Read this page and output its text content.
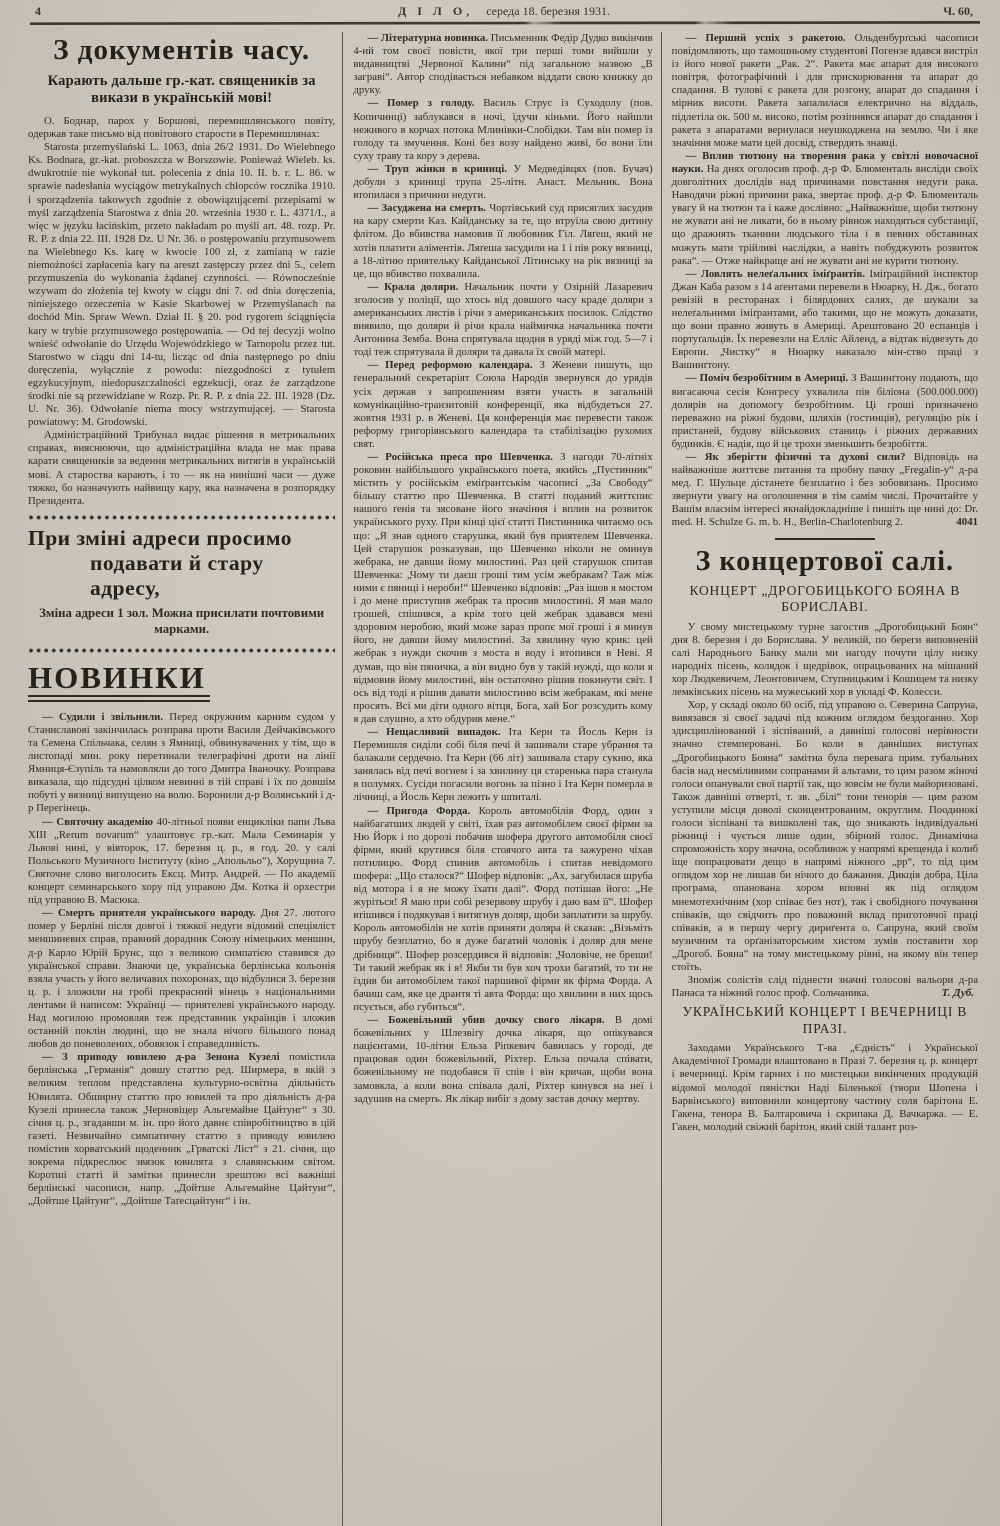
4	Д І Л О, середа 18. березня 1931.	Ч. 60,
З документів часу.
Карають дальше гр.-кат. священиків за викази в українській мові!

О. Боднар, парох у Боршові, перемишлянського повіту, одержав таке письмо від повітового старости в Перемишлянах:

Starosta przemyślański L. 1063, dnia 26/2 1931. Do Wielebnego Ks. Bodnara, gr.-kat. proboszcza w Borszowie. Ponieważ Wieleb. ks. dwukrotnie nie wykonał tut. polecenia z dnia 10. II. b. r. L. 86. w sprawie nadesłania wyciągów metrykalnych chłopców rocznika 1910. i sporządzenia takowych zgodnie z obowiązującemi przepisami w myśl zarządzenia Starostwa z dnia 20. września 1930 r. L. 4371/I., a więc w języku łacińskim, przeto nakładam po myśli art. 48. rozp. Pr. R. P. z dnia 22. III. 1928 Dz. U Nr. 36. o postępowaniu przymusowem na Wielebnego Ks. karę w kwocie 100 zł, z zamianą w razie niemożności zapłacenia kary na areszt zastępczy przez dni 5., celem przymuszenia do wykonania żądanej czynności. — Równocześnie wzywam do złożenia tej kwoty w ciągu dni 7. od dnia doręczenia, niniejszego orzeczenia w Kasie Skarbowej w Przemyślanach na dochód Min. Spraw Wewn. Dział II. § 20. pod rygorem ściągnięcia kary w trybie przymusowego postępowania. — Od tej decyzji wolno wnieść odwołanie do Urzędu Wojewódzkiego w Tarnopolu przez tut. Starostwo w ciągu dni 14-tu, licząc od dnia następnego po dniu doręczenia, wyłącznie z powodu: niezgodności z tytułem egzykucyjnym, niedopuszczalności egzekucji, oraz że zarządzone środki nie są przewidziane w Rozp. Pr. R. P. z dnia 22. III. 1928 (Dz. U. Nr. 36). Odwołanie niema mocy wstrzymującej. — Starosta powiatowy: M. Grodowski.

Адміністраційний Трибунал видає рішення в метрикальних справах, вияснюючи, що адміністраційна влада не має права карати священиків за ведення метрикальних витягів в українській мові. А староства карають, і то — як на нинішні часи — дуже тяжко, бо назначують найвищу кару, яка назначена в розпорядку Президента.

При зміні адреси просимо
подавати й стару адресу,

Зміна адреси 1 зол. Можна присилати почтовими марками.

НОВИНКИ

— Судили і звільнили. Перед окружним карним судом у Станиславові закінчилась розправа проти Василя Дейчаківського та Семена Спільчака, селян з Ямниці, обвинувачених у тім, що в листопаді мин. року перетинали телеграфічні дроти на лінії Ямниця-Єзупіль та намовляли до того Дмитра Іваночку. Розправа виказала, що підсудні цілком невинні в тій справі і їх по довшім побуті у вязниці випущено на волю. Боронили д-р Волянський і д-р Перегінець.

— Святочну академію 40-літньої появи енцикліки папи Льва XIII „Rerum novarum“ улаштовує гр.-кат. Мала Семинарія у Львові нині, у вівторок, 17. березня ц. р., в год. 20. у салі Польського Музичного Інституту (кіно „Апольльо“), Хорущина 7. Святочне слово виголосить Ексц. Митр. Андрей. — По академії концерт семинарського хору під управою Дм. Котка й орхестри під управою В. Масюка.

— Смерть приятеля українського народу. Дня 27. лютого помер у Берліні після довгої і тяжкої недуги відомий спеціяліст меншиневих справ, правний дорадник Союзу німецьких меншин, д-р Карло Юрій Брунс, що з великою симпатією ставився до української справи. Знаючи це, українська берлінська кольонія взяла участь у його величавих похоронах, що відбулися 3. березня ц. р. і зложили на гробі прекрасний вінець з національними лентами й написом: Українці — приятелеві українського народу. Над могилою промовляв теж представник українців і зложив останній поклін людині, що не знала нічого більшого понад любов до поневолених, обовязок і справедливість.

— З приводу ювилею д-ра Зенона Кузелі помістила берлінська „Германія“ довшу статтю ред. Ширмера, в якій з великим теплом представлена культурно-освітна діяльність Ювилята. Обширну статтю про ювилей та про діяльність д-ра Кузелі принесла також „Черновіцер Альгемайне Цайтунг“ з 30. січня ц. р., згадавши м. ін. про його давнє співробітництво в цій газеті. Незвичайно симпатичну статтю з приводу ювилею помістив хорватський щоденник „Грватскі Ліст“ з 21. січня, що зокрема підкреслює звязок ювилята з славянським світом. Коротші статті й замітки принесли зрештою всі важніші берлінські часописи, напр. „Дойтше Альгемайне Цайтунг“, „Дойтше Цайтунг“, „Дойтше Таґесцайтунг“ і ін.

— Літературна новинка. Письменник Федір Дудко викінчив 4-ий том своєї повісти, якої три перші томи вийшли у видавництві „Червоної Калини“ під загальною назвою „В заграві“. Автор сподівається небавком віддати свою книжку до друку.

— Помер з голоду. Василь Струс із Суходолу (пов. Копичинці) заблукався в ночі, їдучи кіньми. Його найшли неживого в корчах потока Млинівки-Слобідки. Там він помер із голоду та змучення. Коні без возу найдено живі, бо вони їли суху траву та кору з дерева.

— Труп жінки в криниці. У Медведівцях (пов. Бучач) добули з криниці трупа 25-літн. Анаст. Мельник. Вона втопилася з причини недуги.

— Засуджена на смерть. Чортівський суд присяглих засудив на кару смерти Каз. Кайданську за те, що втруїла свою дитину флітом. До вбивства намовив її любовник Гіл. Ляґеш, який не хотів платити аліментів. Ляґеша засудили на 1 і пів року вязниці, а 18-літню приятельку Кайданської Літинську на рік вязниці за це, що вбивство похвалила.

— Крала доляри. Начальник почти у Озірній Лазаревич зголосив у поліції, що хтось від довшого часу краде доляри з американських листів і річи з американських посилок. Слідство виявило, що доляри й річи крала наймичка начальника почти Антонина Земба. Вона спрятувала щодня в уряді між год. 5—7 і тоді теж спрятувала й доляри та давала їх своїй матері.

— Перед реформою календара. З Женеви пишуть, що ґенеральний секретаріят Союза Народів звернувся до урядів усіх держав з запрошенням взяти участь в загальній комунікаційно-транзитовій конференції, яка відбудеться 27. жовтня 1931 р. в Женеві. Ця конференція має перевести також реформу григоріянського календара та стабілізацію рухомих свят.

— Російська преса про Шевченка. З нагоди 70-літніх роковин найбільшого українського поета, якийсь „Пустинник“ містить у російськім еміґрантськім часописі „За Свободу“ більшу статтю про Шевченка. В статті поданий життєпис нашого ґенія та зясоване його значіння і вплив на розвиток українського руху. При кінці цієї статті Пистинника читаємо ось що: „Я знав одного старушка, який був приятелем Шевченка. Цей старушок розказував, що Шевченко ніколи не оминув жебрака, не давши йому милостині. Раз цей старушок спитав Шевченка: „Чому ти даєш гроші тим усім жебракам? Таж між ними є пяниці і нероби!“ Шевченко відповів: „Раз ішов я мостом і до мене приступив жебрак та просив милостині. Я мав мало грошей, спішився, а крім того цей жебрак здавався мені здоровим неробою, який може зараз пропє мої гроші і я минув його, не давши йому милостині. За хвилину чую крик: цей жебрак з нужди скочив з моста в воду і втопився в Неві. Я думав, що він пяничка, а він видно був у такій нужді, що коли я відмовив йому милостині, він остаточно рішив покинути світ. І ось від тоді я рішив давати милостиню всім жебракам, які мене просять. Всі ми діти одного вітця, Бога, хай Бог розсудить кому я дав слушно, а хто обдурив мене.“

— Нещасливий випадок. Іта Керн та Йосль Керн із Перемишля сиділи собі біля печі й зашивали старе убрання та балакали сердечно. Іта Керн (66 літ) зашивала стару сукню, яка занялась від печі вогнем і за хвилину ця старенька пара станула в полумях. Сусіди погасили вогонь за пізно і Іта Керн померла в лічниці, а Йосль Керн лежить у шпиталі.

— Пригода Форда. Король автомобілів Форд, один з найбагатших людей у світі, їхав раз автомобілем своєї фірми за Ню Йорк і по дорозі побачив шофера другого автомобіля своєї фірми, який крутився біля стоячого авта та зажурено чіхав потилицю. Форд спинив автомобіль і спитав невідомого шофера: „Що сталося?“ Шофер відповів: „Ах, загубилася шруба від мотора і я не можу їхати далі“. Форд потішав його: „Не журіться! Я маю при собі резервову шрубу і даю вам її“. Шофер втішився і подякував і витягнув доляр, щоби заплатити за шрубу. Король автомобілів не хотів приняти доляра й сказав: „Візьміть шрубу безплатно, бо я дуже багатий чоловік і доляр для мене дрібниця“. Шофер розсердився й відповів: „Чоловіче, не бреши! Ти такий жебрак як і я! Якби ти був хоч трохи багатий, то ти не їздив би автомобілем такої паршивої фірми як фірма Форда. А бачиш сам, яке це дрантя ті авта Форда: що хвилини в них щось псується, або губиться“.

— Божевільний убив дочку свого лікаря. В домі божевільних у Шлезвіґу дочка лікаря, що опікувався пацієнтами, 10-літня Ельза Ріпкевич бавилась у городі, де працював один божевільний, Ріхтер. Ельза почала співати, божевільному не подобався її спів і він кричав, щоби вона замовкла, а коли вона співала далі, Ріхтер кинувся на неї і задушив на смерть. Як лікар вибіг з дому застав дочку мертву.

— Перший успіх з ракетою. Ольденбурґські часописи повідомляють, що тамошньому студентові Погензе вдався вистріл із його нової ракети „Рак. 2“. Ракета має апарат для високого повітря, фотографічний і для прискорювання та апарат до спадання. В тулові є ракета для розгону, апарат до спадання і мірник висоти. Ракета запалилася електрично на віддаль, підлетіла ок. 500 м. високо, потім розіпнявся апарат до спадання і ракета з апаратами вернулася неушкоджена на землю. Чи і яке значіння може мати цей досвід, ствердять знавці.

— Вплив тютюну на творення рака у світлі новочасної науки. На днях оголосив проф. д-р Ф. Блюменталь висліди своїх довголітних дослідів над причинами повстання недуги рака. Наводячи ріжні причини рака, звертає проф. д-р Ф. Блюменталь увагу й на тютюн та і каже дослівно: „Найважніше, щоби тютюну не жувати ані не ликати, бо в ньому рівнож находяться субстанції, що дражнять тканини людського тіла і в певних обставинах можуть мати трійливі наслідки, а навіть побуджують розвиток рака“. — Отже найкраще ані не жувати ані не курити тютюну.

— Ловлять нелеґальних іміґрантів. Іміґраційний інспектор Джан Каба разом з 14 аґентами перевели в Нюарку, Н. Дж., богато ревізій в ресторанах і білярдових салях, де шукали за нелеґальними іміґрантами, або такими, що не можуть доказати, що вони правно живуть в Америці. Арештовано 20 еспанців і портуґальців. Їх перевезли на Елліс Айленд, а відтак відвезуть до Европи. „Чистку“ в Нюарку наказало мін-ство праці з Вашинґтону.

— Поміч безробітним в Америці. З Вашинґтону подають, що вигасаюча сесія Конгресу ухвалила пів біліона (500.000.000) долярів на допомогу безробітним. Ці гроші призначено переважно на ріжні будови, шляхів (гостинців), реґуляцію рік і пристаней, будову військових станиць і ріжних державних будинків. Є надія, що й це трохи зменьшить безробіття.

— Як зберігти фізичні та духові сили? Відповідь на найважніше життєве питання та пробну пачку „Fregalin-у“ д-ра мед. Г. Шульце дістанете безплатно і без зобовязань. Просимо звернути увагу на оголошення в тім самім числі. Прочитайте у Вашім власнім інтересі якнайдокладніше і пишіть ще нині до: Dr. med. H. Schulze G. m. b. H., Berlin-Charlotenburg 2.	4041

З концертової салі.
КОНЦЕРТ „ДРОГОБИЦЬКОГО БОЯНА В БОРИСЛАВІ.

У свому мистецькому турне загостив „Дрогобицький Боян“ дня 8. березня і до Борислава. У великій, по береги виповненій салі Народнього Банку мали ми нагоду почути цілу низку народніх пісень, колядок і щедрівок, опрацьованих на мішаний хор Людкевичем, Леонтовичем, Ступницьким і Кошицем та низку лемківських пісень на мужеський хор в укладі Ф. Колесси.

Хор, у складі около 60 осіб, під управою о. Северина Сапруна, вивязався зі своєї задачі під кожним оглядом бездоганно. Хор здисциплінований і зіспіваний, а давніші голосові нерівности значно стемперовані. Бо коли в давніших виступах „Дрогобицького Бояна“ замітна була перевага прим. тубальних басів над несміливими сопранами й альтами, то цим разом жіночі голоси опанували свої партії так, що зовсім не були майоризовані. Також давніші отверті, т. зв. „білі“ тони тенорів — цим разом уступили місця доволі сконцентрованим, округлим. Поодинокі голоси зіспівані та вишколені так, що зникають індивідуальні ріжниці і чується лише один, збірний голос. Динамічна спроможність хору значна, особливож у напрямі крещенда і колиб іще попрацювати дещо в напрямі ніжного „рр“, то під цим оглядом хор не лишав би нічого до бажання. Дикція добра, Ціла програма, опанована хором вповні як під оглядом мнемотехнічним (хор співає без нот), так і свобідного почування співаків, що свідчить про поважний вклад приготовчої праці співаків, а в першу чергу дириґента о. Сапруна, який своїм музичним та орґанізаторським хистом зумів поставити хор „Дрогоб. Бояна“ на тому мистецькому рівні, на якому він тепер стоїть.

Зпоміж солістів слід піднести значні голосові вальори д-ра Панаса та ніжний голос проф. Сольчаника.	Т. Дуб.
УКРАЇНСЬКИЙ КОНЦЕРТ І ВЕЧЕРНИЦІ В ПРАЗІ.

Заходами Українського Т-ва „Єдність“ і Української Академічної Громади влаштовано в Празі 7. березня ц. р. концерт і вечерниці. Крім гарних і по мистецьки викінчених продукцій відомої молодої пяністки Наді Біленької (твори Шопена і Барвінського) виповнили концертову частину соля барітона Е. Гакена, тенора В. Балтаровича і скрипака Д. Вачкаржа. — Е. Гакен, молодий свіжий барітон, який свій талант роз-
